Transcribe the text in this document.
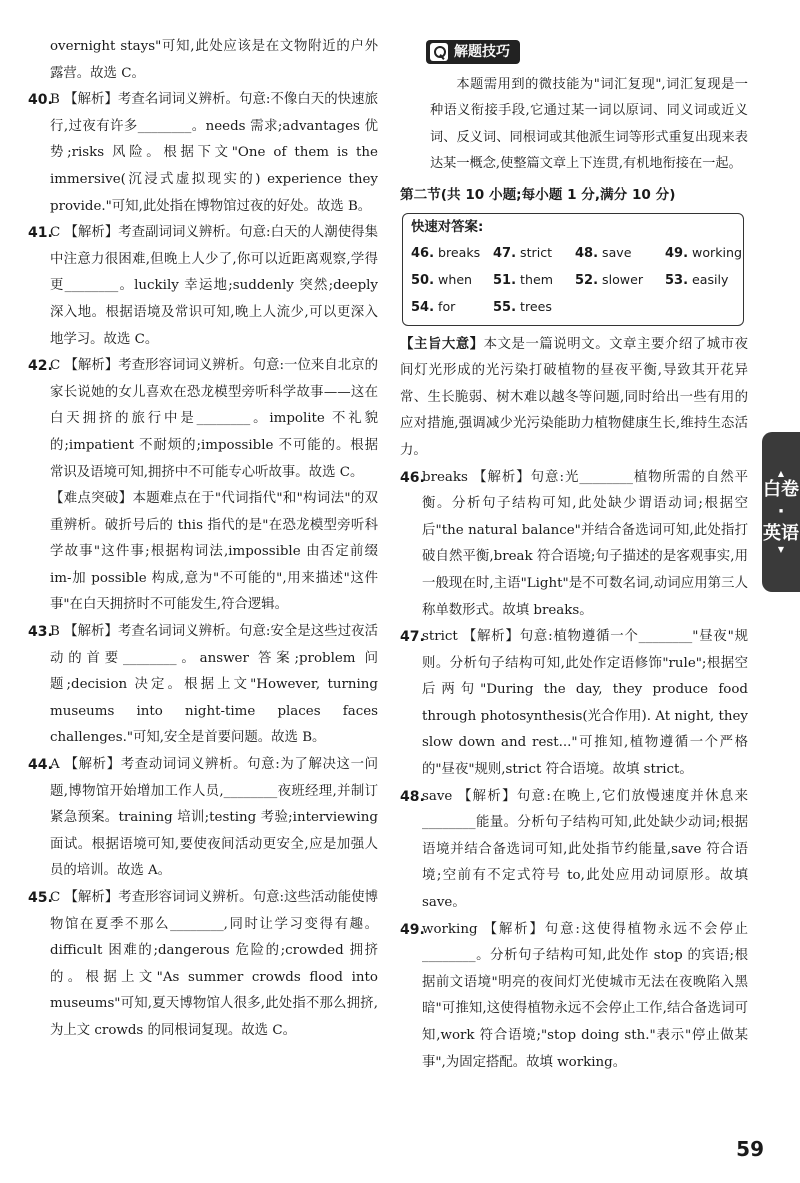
overnight stays"可知,此处应该是在文物附近的户外露营。故选 C。

40.
B 【解析】考查名词词义辨析。句意:不像白天的快速旅行,过夜有许多________。needs 需求;advantages 优势;risks 风险。根据下文"One of them is the immersive(沉浸式虚拟现实的) experience they provide."可知,此处指在博物馆过夜的好处。故选 B。
41.
C 【解析】考查副词词义辨析。句意:白天的人潮使得集中注意力很困难,但晚上人少了,你可以近距离观察,学得更________。luckily 幸运地;suddenly 突然;deeply 深入地。根据语境及常识可知,晚上人流少,可以更深入地学习。故选 C。
42.
C 【解析】考查形容词词义辨析。句意:一位来自北京的家长说她的女儿喜欢在恐龙模型旁听科学故事——这在白天拥挤的旅行中是________。impolite 不礼貌的;impatient 不耐烦的;impossible 不可能的。根据常识及语境可知,拥挤中不可能专心听故事。故选 C。

【难点突破】本题难点在于"代词指代"和"构词法"的双重辨析。破折号后的 this 指代的是"在恐龙模型旁听科学故事"这件事;根据构词法,impossible 由否定前缀 im-加 possible 构成,意为"不可能的",用来描述"这件事"在白天拥挤时不可能发生,符合逻辑。

43.
B 【解析】考查名词词义辨析。句意:安全是这些过夜活动的首要________。answer 答案;problem 问题;decision 决定。根据上文"However, turning museums into night-time places faces challenges."可知,安全是首要问题。故选 B。
44.
A 【解析】考查动词词义辨析。句意:为了解决这一问题,博物馆开始增加工作人员,________夜班经理,并制订紧急预案。training 培训;testing 考验;interviewing 面试。根据语境可知,要使夜间活动更安全,应是加强人员的培训。故选 A。
45.
C 【解析】考查形容词词义辨析。句意:这些活动能使博物馆在夏季不那么________,同时让学习变得有趣。difficult 困难的;dangerous 危险的;crowded 拥挤的。根据上文"As summer crowds flood into museums"可知,夏天博物馆人很多,此处指不那么拥挤,为上文 crowds 的同根词复现。故选 C。
解题技巧

本题需用到的微技能为"词汇复现",词汇复现是一种语义衔接手段,它通过某一词以原词、同义词或近义词、反义词、同根词或其他派生词等形式重复出现来表达某一概念,使整篇文章上下连贯,有机地衔接在一起。

第二节(共 10 小题;每小题 1 分,满分 10 分)
快速对答案:
46. breaks 47. strict	48. save	49. working
50. when	51. them	52. slower	53. easily
54. for	55. trees

【主旨大意】本文是一篇说明文。文章主要介绍了城市夜间灯光形成的光污染打破植物的昼夜平衡,导致其开花异常、生长脆弱、树木难以越冬等问题,同时给出一些有用的应对措施,强调减少光污染能助力植物健康生长,维持生态活力。

46.
breaks 【解析】句意:光________植物所需的自然平衡。分析句子结构可知,此处缺少谓语动词;根据空后"the natural balance"并结合备选词可知,此处指打破自然平衡,break 符合语境;句子描述的是客观事实,用一般现在时,主语"Light"是不可数名词,动词应用第三人称单数形式。故填 breaks。
47.
strict 【解析】句意:植物遵循一个________"昼夜"规则。分析句子结构可知,此处作定语修饰"rule";根据空后两句"During the day, they produce food through photosynthesis(光合作用). At night, they slow down and rest..."可推知,植物遵循一个严格的"昼夜"规则,strict 符合语境。故填 strict。
48.
save 【解析】句意:在晚上,它们放慢速度并休息来________能量。分析句子结构可知,此处缺少动词;根据语境并结合备选词可知,此处指节约能量,save 符合语境;空前有不定式符号 to,此处应用动词原形。故填 save。
49.
working 【解析】句意:这使得植物永远不会停止________。分析句子结构可知,此处作 stop 的宾语;根据前文语境"明亮的夜间灯光使城市无法在夜晚陷入黑暗"可推知,这使得植物永远不会停止工作,结合备选词可知,work 符合语境;"stop doing sth."表示"停止做某事",为固定搭配。故填 working。
▲
白卷
·
英语
▼
59
